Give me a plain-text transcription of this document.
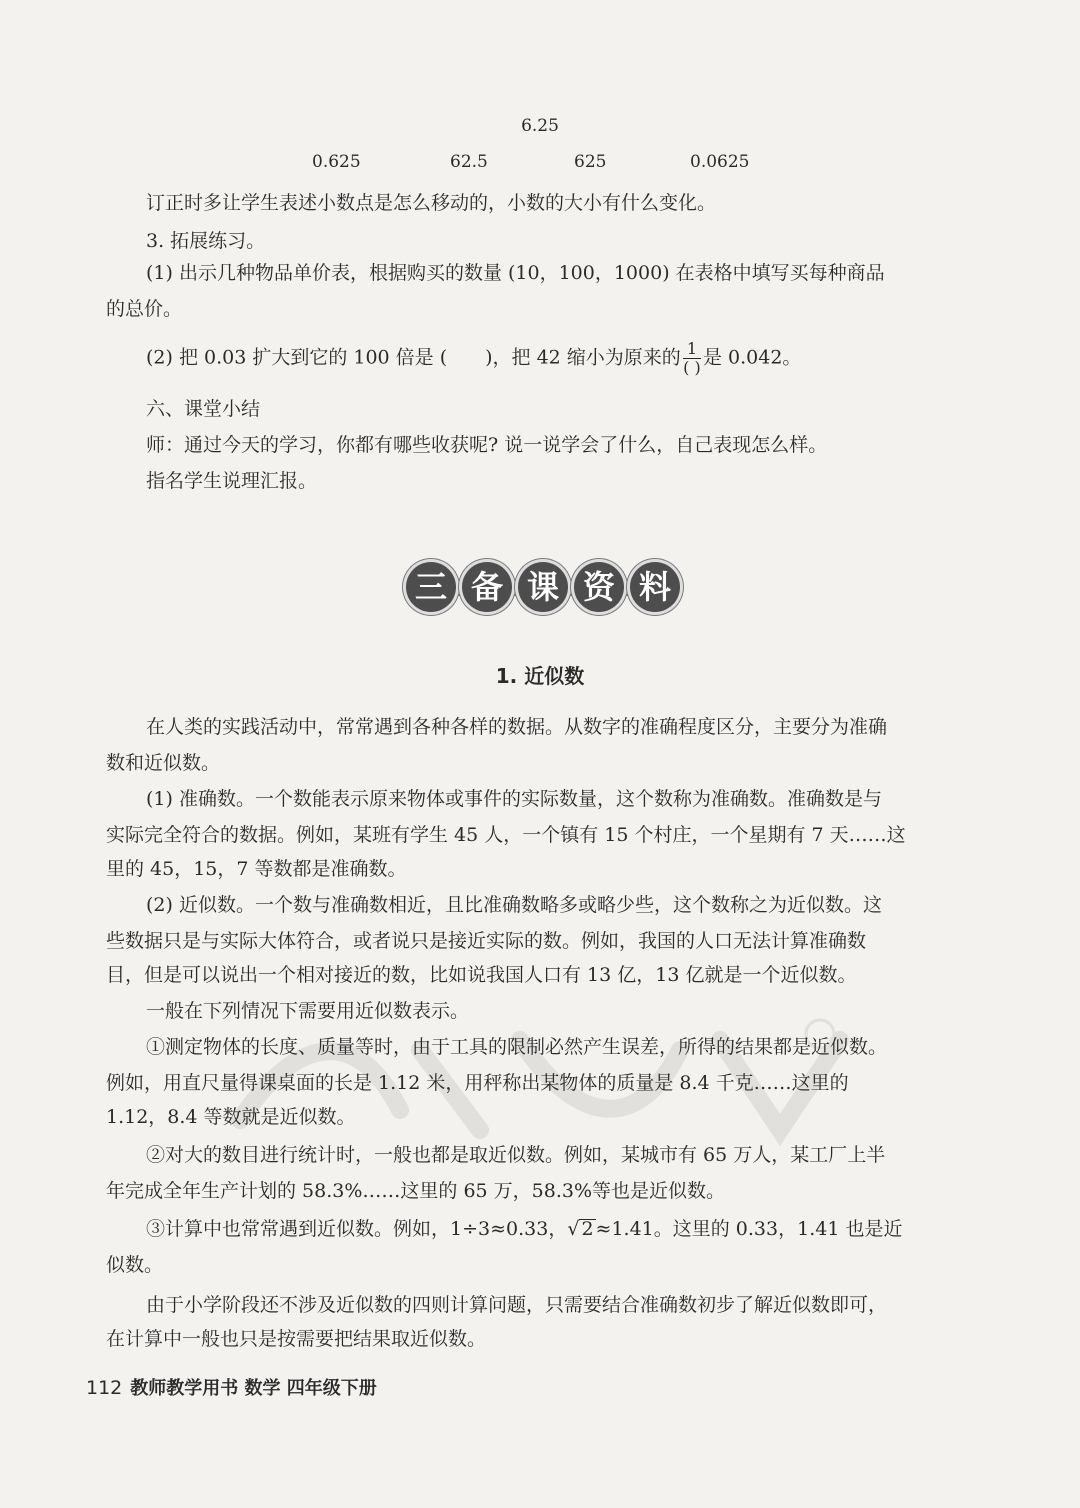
6.25
0.625	62.5	625	0.0625
订正时多让学生表述小数点是怎么移动的，小数的大小有什么变化。
3. 拓展练习。
(1) 出示几种物品单价表，根据购买的数量 (10，100，1000) 在表格中填写买每种商品
的总价。
(2) 把 0.03 扩大到它的 100 倍是 (　　)，把 42 缩小为原来的 $\frac{1}{( )}$ 是 0.042。
六、课堂小结
师：通过今天的学习，你都有哪些收获呢? 说一说学会了什么，自己表现怎么样。
指名学生说理汇报。
三 备 课 资 料
1. 近似数
在人类的实践活动中，常常遇到各种各样的数据。从数字的准确程度区分，主要分为准确
数和近似数。
(1) 准确数。一个数能表示原来物体或事件的实际数量，这个数称为准确数。准确数是与
实际完全符合的数据。例如，某班有学生 45 人，一个镇有 15 个村庄，一个星期有 7 天……这
里的 45，15，7 等数都是准确数。
(2) 近似数。一个数与准确数相近，且比准确数略多或略少些，这个数称之为近似数。这
些数据只是与实际大体符合，或者说只是接近实际的数。例如，我国的人口无法计算准确数
目，但是可以说出一个相对接近的数，比如说我国人口有 13 亿，13 亿就是一个近似数。
一般在下列情况下需要用近似数表示。
①测定物体的长度、质量等时，由于工具的限制必然产生误差，所得的结果都是近似数。
例如，用直尺量得课桌面的长是 1.12 米，用秤称出某物体的质量是 8.4 千克……这里的
1.12，8.4 等数就是近似数。
②对大的数目进行统计时，一般也都是取近似数。例如，某城市有 65 万人，某工厂上半
年完成全年生产计划的 58.3%……这里的 65 万，58.3%等也是近似数。
③计算中也常常遇到近似数。例如，1÷3≈0.33，√ 2 ≈1.41。这里的 0.33，1.41 也是近
似数。
由于小学阶段还不涉及近似数的四则计算问题，只需要结合准确数初步了解近似数即可，
在计算中一般也只是按需要把结果取近似数。
112 教师教学用书 数学 四年级下册
